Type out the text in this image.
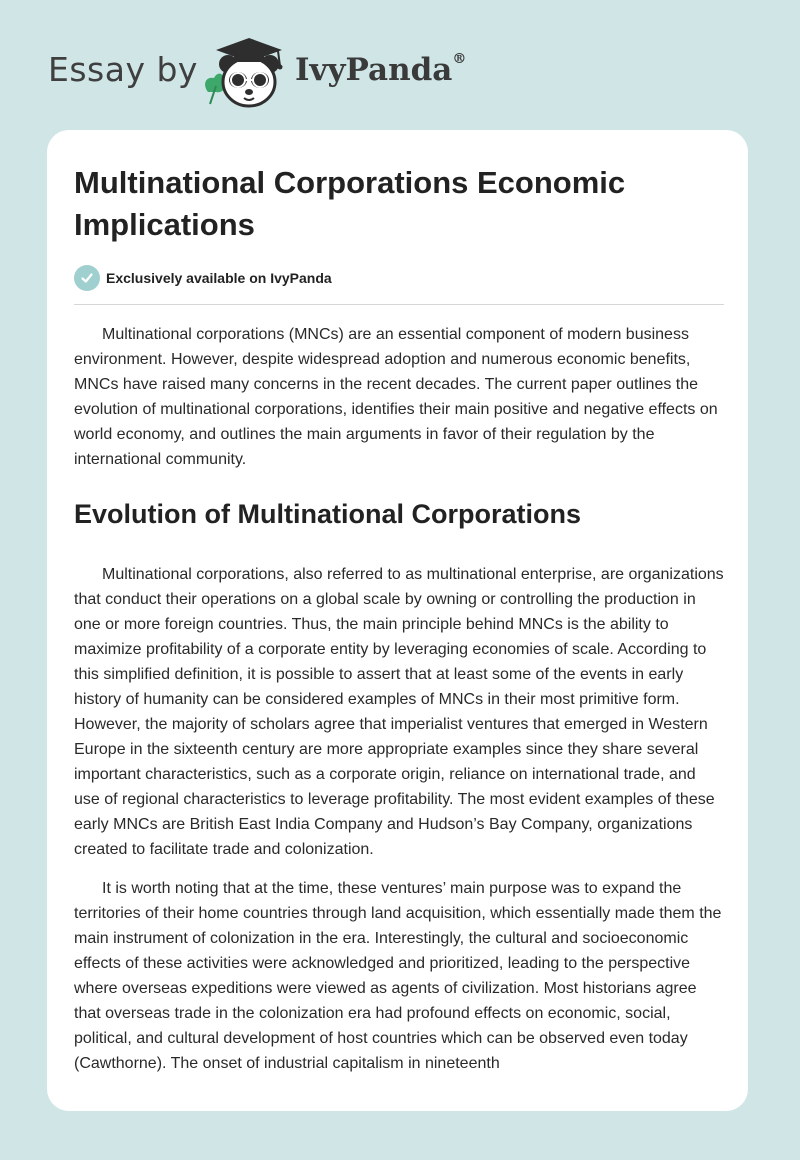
Essay by	IvyPanda®
Multinational Corporations Economic Implications
Exclusively available on IvyPanda

Multinational corporations (MNCs) are an essential component of modern business environment. However, despite widespread adoption and numerous economic benefits, MNCs have raised many concerns in the recent decades. The current paper outlines the evolution of multinational corporations, identifies their main positive and negative effects on world economy, and outlines the main arguments in favor of their regulation by the international community.

Evolution of Multinational Corporations

Multinational corporations, also referred to as multinational enterprise, are organizations that conduct their operations on a global scale by owning or controlling the production in one or more foreign countries. Thus, the main principle behind MNCs is the ability to maximize profitability of a corporate entity by leveraging economies of scale. According to this simplified definition, it is possible to assert that at least some of the events in early history of humanity can be considered examples of MNCs in their most primitive form. However, the majority of scholars agree that imperialist ventures that emerged in Western Europe in the sixteenth century are more appropriate examples since they share several important characteristics, such as a corporate origin, reliance on international trade, and use of regional characteristics to leverage profitability. The most evident examples of these early MNCs are British East India Company and Hudson’s Bay Company, organizations created to facilitate trade and colonization.

It is worth noting that at the time, these ventures’ main purpose was to expand the territories of their home countries through land acquisition, which essentially made them the main instrument of colonization in the era. Interestingly, the cultural and socioeconomic effects of these activities were acknowledged and prioritized, leading to the perspective where overseas expeditions were viewed as agents of civilization. Most historians agree that overseas trade in the colonization era had profound effects on economic, social, political, and cultural development of host countries which can be observed even today (Cawthorne). The onset of industrial capitalism in nineteenth
